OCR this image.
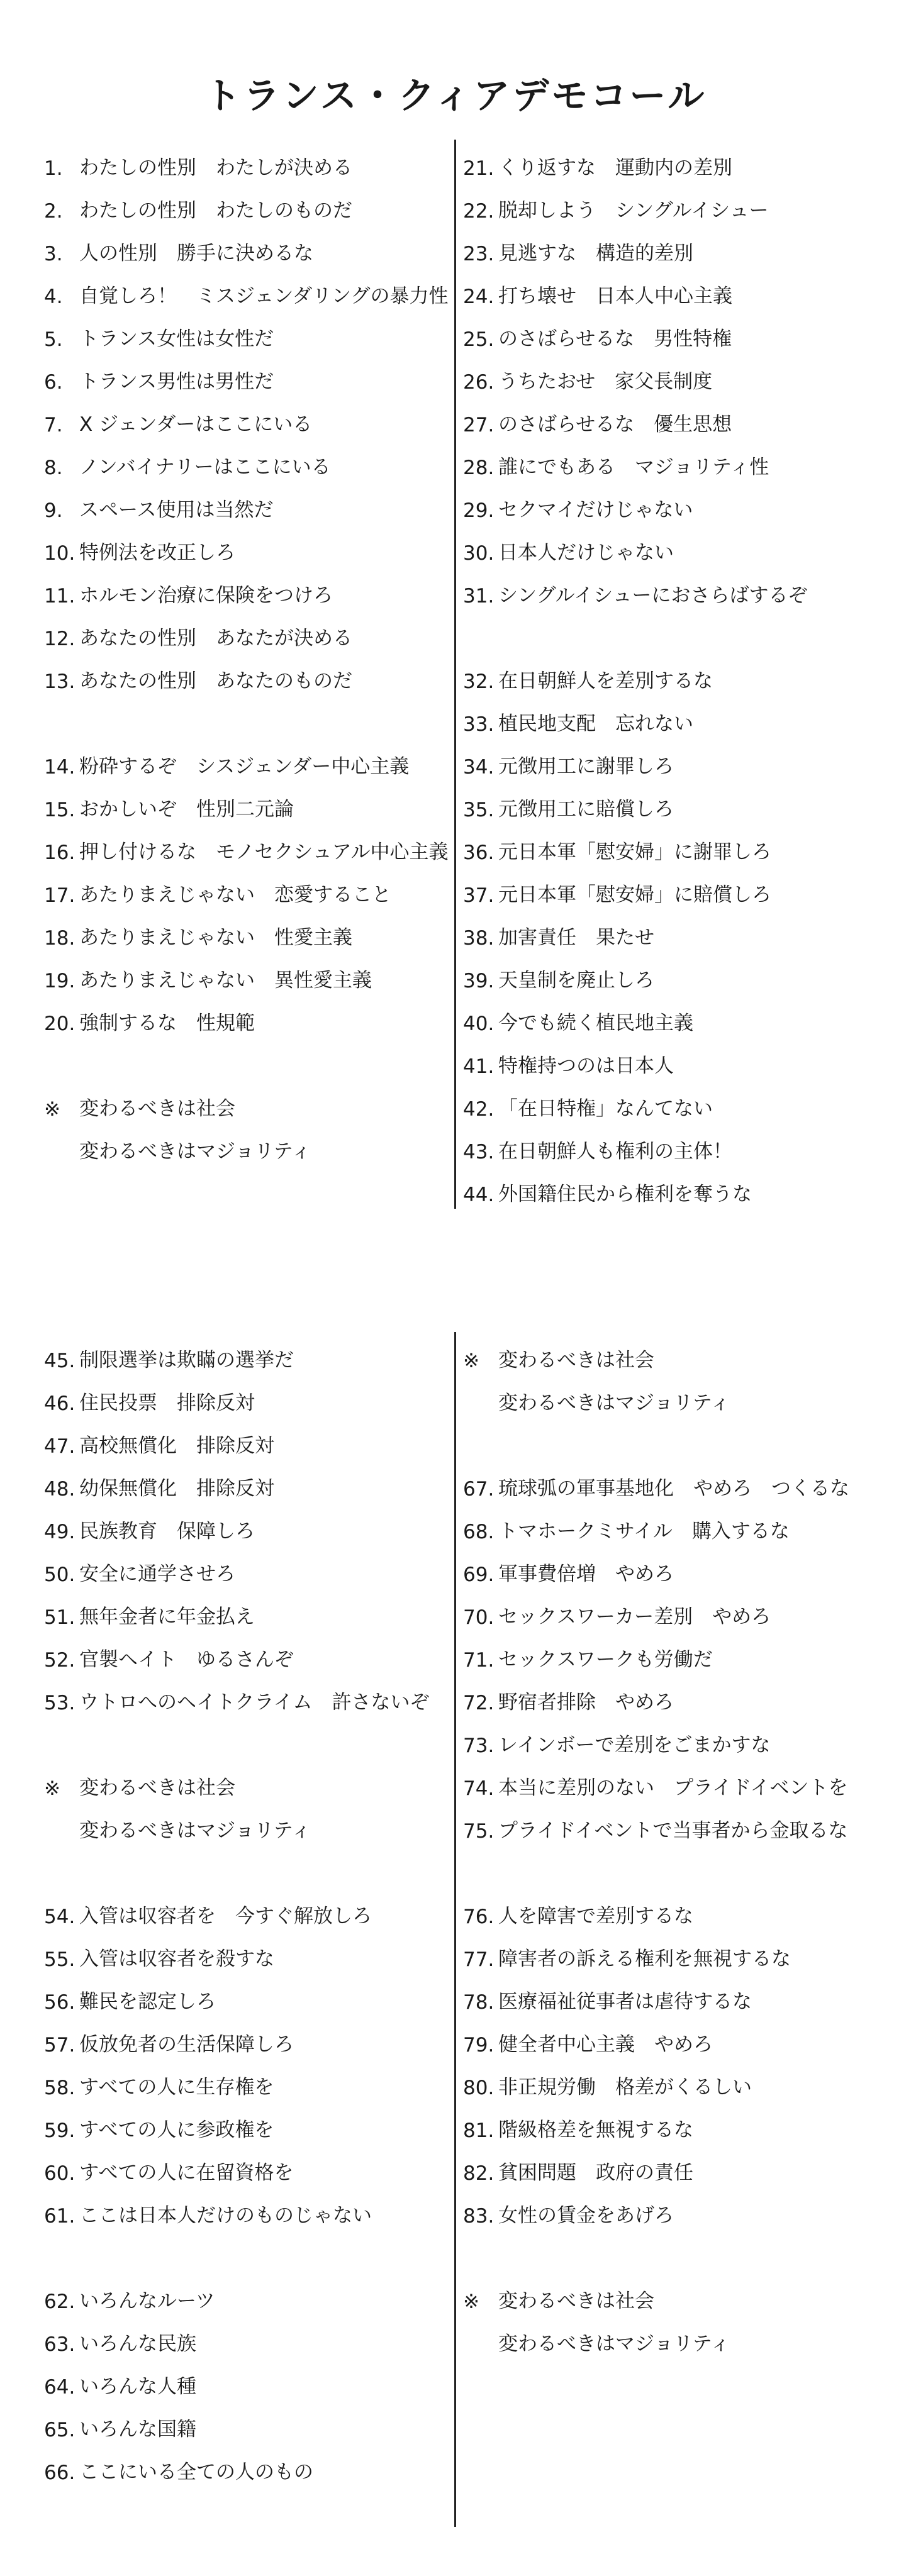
トランス・クィアデモコール
1. わたしの性別　わたしが決める
2. わたしの性別　わたしのものだ
3. 人の性別　勝手に決めるな
4. 自覚しろ！　ミスジェンダリングの暴力性
5. トランス女性は女性だ
6. トランス男性は男性だ
7. X ジェンダーはここにいる
8. ノンバイナリーはここにいる
9. スペース使用は当然だ
10. 特例法を改正しろ
11. ホルモン治療に保険をつけろ
12. あなたの性別　あなたが決める
13. あなたの性別　あなたのものだ
14. 粉砕するぞ　シスジェンダー中心主義
15. おかしいぞ　性別二元論
16. 押し付けるな　モノセクシュアル中心主義
17. あたりまえじゃない　恋愛すること
18. あたりまえじゃない　性愛主義
19. あたりまえじゃない　異性愛主義
20. 強制するな　性規範
※ 変わるべきは社会
変わるべきはマジョリティ
21. くり返すな　運動内の差別
22. 脱却しよう　シングルイシュー
23. 見逃すな　構造的差別
24. 打ち壊せ　日本人中心主義
25. のさばらせるな　男性特権
26. うちたおせ　家父長制度
27. のさばらせるな　優生思想
28. 誰にでもある　マジョリティ性
29. セクマイだけじゃない
30. 日本人だけじゃない
31. シングルイシューにおさらばするぞ
32. 在日朝鮮人を差別するな
33. 植民地支配　忘れない
34. 元徴用工に謝罪しろ
35. 元徴用工に賠償しろ
36. 元日本軍「慰安婦」に謝罪しろ
37. 元日本軍「慰安婦」に賠償しろ
38. 加害責任　果たせ
39. 天皇制を廃止しろ
40. 今でも続く植民地主義
41. 特権持つのは日本人
42. 「在日特権」なんてない
43. 在日朝鮮人も権利の主体！
44. 外国籍住民から権利を奪うな
45. 制限選挙は欺瞞の選挙だ
46. 住民投票　排除反対
47. 高校無償化　排除反対
48. 幼保無償化　排除反対
49. 民族教育　保障しろ
50. 安全に通学させろ
51. 無年金者に年金払え
52. 官製ヘイト　ゆるさんぞ
53. ウトロへのヘイトクライム　許さないぞ
※ 変わるべきは社会
変わるべきはマジョリティ
54. 入管は収容者を　今すぐ解放しろ
55. 入管は収容者を殺すな
56. 難民を認定しろ
57. 仮放免者の生活保障しろ
58. すべての人に生存権を
59. すべての人に参政権を
60. すべての人に在留資格を
61. ここは日本人だけのものじゃない
62. いろんなルーツ
63. いろんな民族
64. いろんな人種
65. いろんな国籍
66. ここにいる全ての人のもの
※ 変わるべきは社会
変わるべきはマジョリティ
67. 琉球弧の軍事基地化　やめろ　つくるな
68. トマホークミサイル　購入するな
69. 軍事費倍増　やめろ
70. セックスワーカー差別　やめろ
71. セックスワークも労働だ
72. 野宿者排除　やめろ
73. レインボーで差別をごまかすな
74. 本当に差別のない　プライドイベントを
75. プライドイベントで当事者から金取るな
76. 人を障害で差別するな
77. 障害者の訴える権利を無視するな
78. 医療福祉従事者は虐待するな
79. 健全者中心主義　やめろ
80. 非正規労働　格差がくるしい
81. 階級格差を無視するな
82. 貧困問題　政府の責任
83. 女性の賃金をあげろ
※ 変わるべきは社会
変わるべきはマジョリティ
